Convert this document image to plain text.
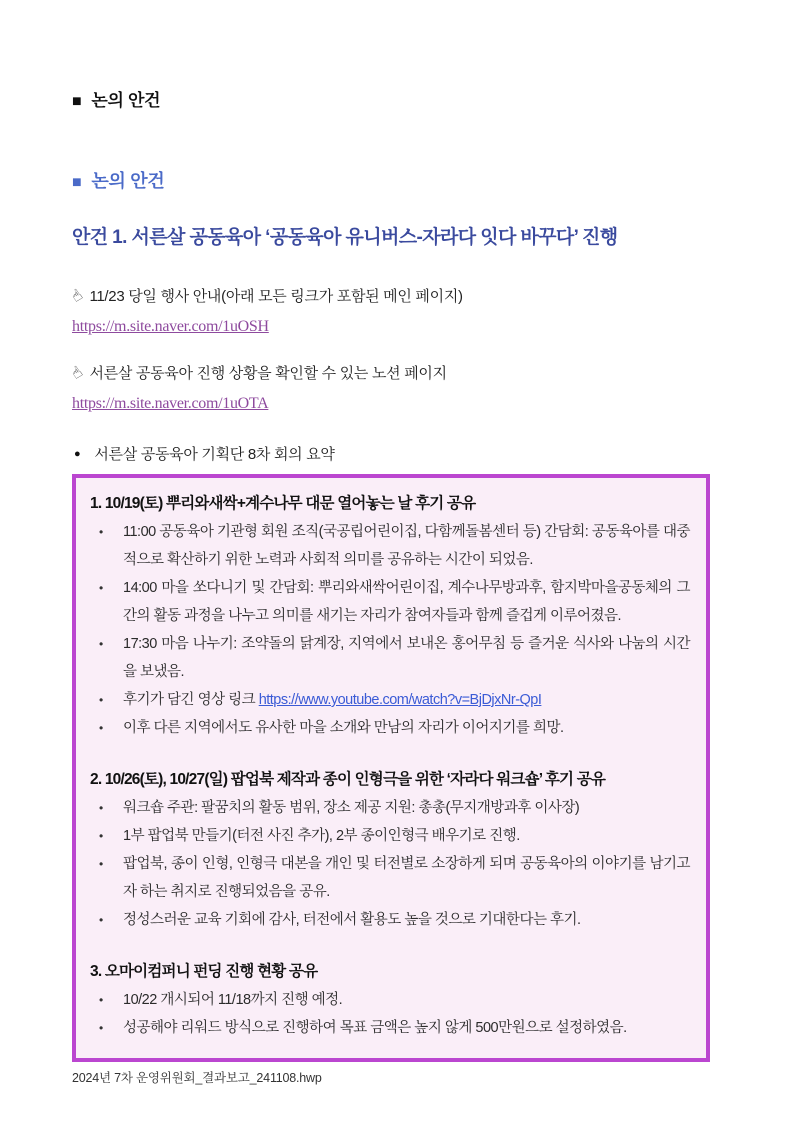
■ 논의 안건
■ 논의 안건
안건 1. 서른살 공동육아 ‘공동육아 유니버스-자라다 잇다 바꾸다’ 진행
☝ 11/23 당일 행사 안내(아래 모든 링크가 포함된 메인 페이지)
https://m.site.naver.com/1uOSH
☝ 서른살 공동육아 진행 상황을 확인할 수 있는 노션 페이지
https://m.site.naver.com/1uOTA
● 서른살 공동육아 기획단 8차 회의 요약
1. 10/19(토) 뿌리와새싹+계수나무 대문 열어놓는 날 후기 공유
• 11:00 공동육아 기관형 회원 조직(국공립어린이집, 다함께돌봄센터 등) 간담회: 공동육아를 대중적으로 확산하기 위한 노력과 사회적 의미를 공유하는 시간이 되었음.
• 14:00 마을 쏘다니기 및 간담회: 뿌리와새싹어린이집, 계수나무방과후, 함지박마을공동체의 그간의 활동 과정을 나누고 의미를 새기는 자리가 참여자들과 함께 즐겁게 이루어졌음.
• 17:30 마음 나누기: 조약돌의 닭계장, 지역에서 보내온 홍어무침 등 즐거운 식사와 나눔의 시간을 보냈음.
• 후기가 담긴 영상 링크 https://www.youtube.com/watch?v=BjDjxNr-QpI
• 이후 다른 지역에서도 유사한 마을 소개와 만남의 자리가 이어지기를 희망.
2. 10/26(토), 10/27(일) 팝업북 제작과 종이 인형극을 위한 ‘자라다 워크숍’ 후기 공유
• 워크숍 주관: 팔꿈치의 활동 범위, 장소 제공 지원: 총총(무지개방과후 이사장)
• 1부 팝업북 만들기(터전 사진 추가), 2부 종이인형극 배우기로 진행.
• 팝업북, 종이 인형, 인형극 대본을 개인 및 터전별로 소장하게 되며 공동육아의 이야기를 남기고자 하는 취지로 진행되었음을 공유.
• 정성스러운 교육 기회에 감사, 터전에서 활용도 높을 것으로 기대한다는 후기.
3. 오마이컴퍼니 펀딩 진행 현황 공유
• 10/22 개시되어 11/18까지 진행 예정.
• 성공해야 리워드 방식으로 진행하여 목표 금액은 높지 않게 500만원으로 설정하였음.
2024년 7차 운영위원회_결과보고_241108.hwp
